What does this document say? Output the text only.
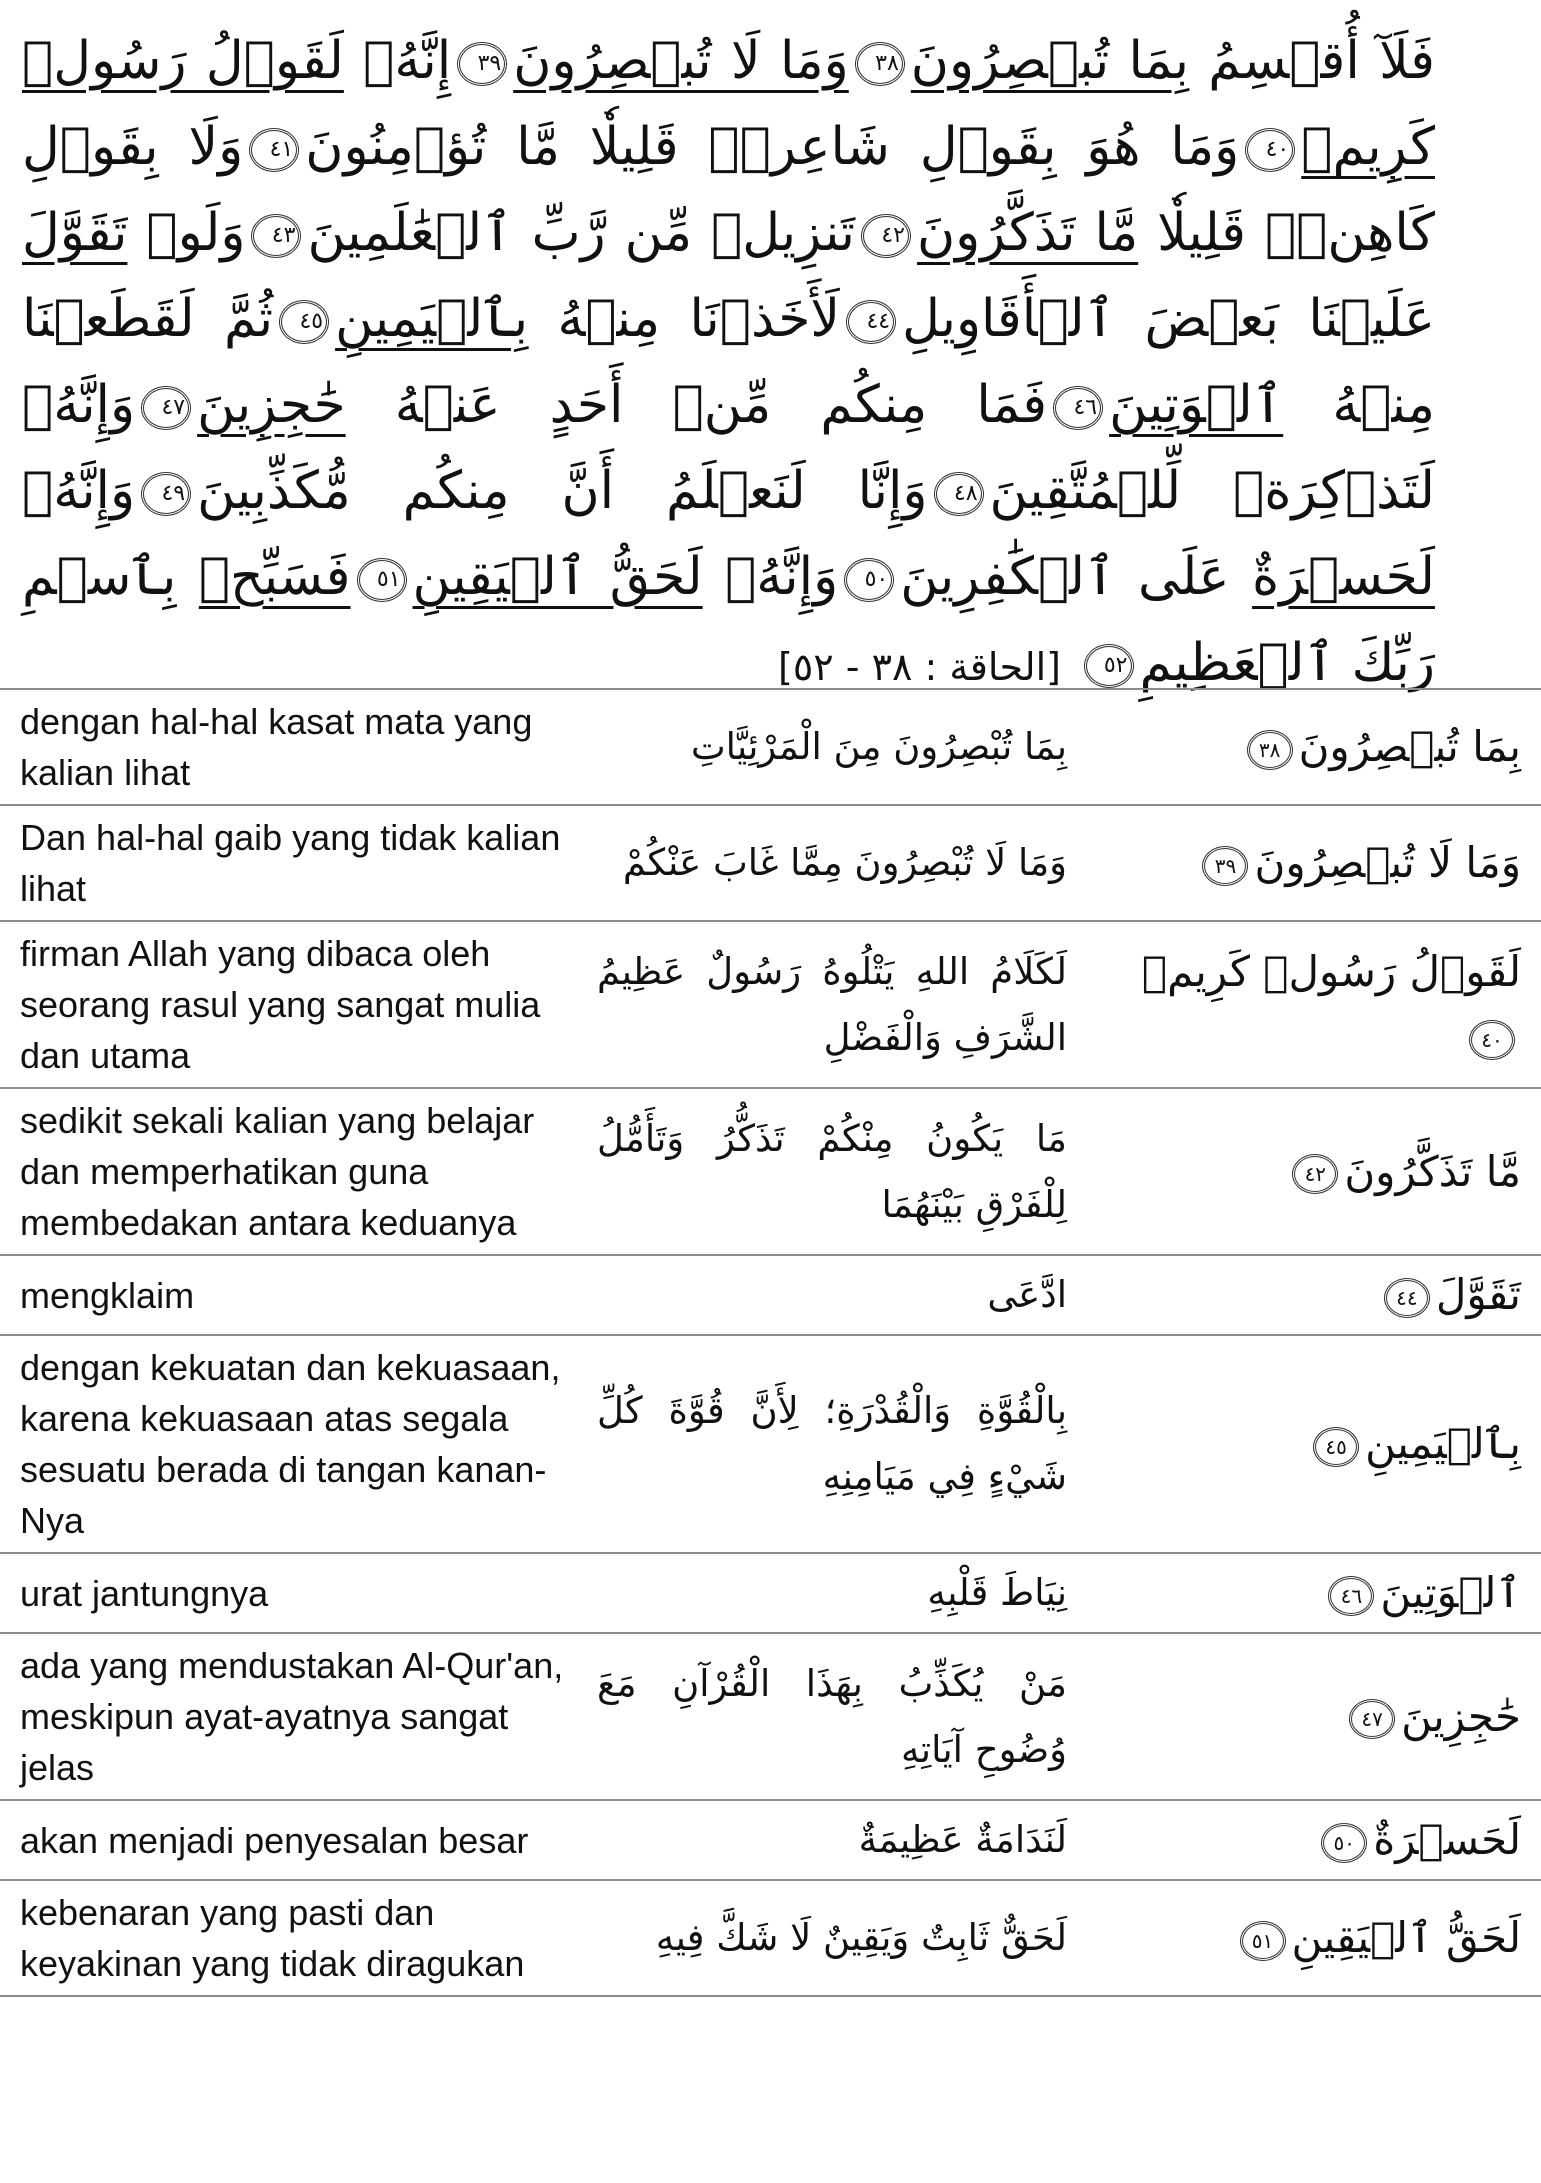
فَلَآ أُقۡسِمُ بِمَا تُبۡصِرُونَ٣٨وَمَا لَا تُبۡصِرُونَ٣٩إِنَّهُۥ لَقَوۡلُ رَسُولٖ كَرِيمٖ٤٠وَمَا هُوَ بِقَوۡلِ شَاعِرٖۚ قَلِيلٗا مَّا تُؤۡمِنُونَ٤١وَلَا بِقَوۡلِ كَاهِنٖۚ قَلِيلٗا مَّا تَذَكَّرُونَ٤٢تَنزِيلٞ مِّن رَّبِّ ٱلۡعَٰلَمِينَ٤٣وَلَوۡ تَقَوَّلَ عَلَيۡنَا بَعۡضَ ٱلۡأَقَاوِيلِ٤٤لَأَخَذۡنَا مِنۡهُ بِٱلۡيَمِينِ٤٥ثُمَّ لَقَطَعۡنَا مِنۡهُ ٱلۡوَتِينَ٤٦فَمَا مِنكُم مِّنۡ أَحَدٍ عَنۡهُ حَٰجِزِينَ٤٧وَإِنَّهُۥ لَتَذۡكِرَةٞ لِّلۡمُتَّقِينَ٤٨وَإِنَّا لَنَعۡلَمُ أَنَّ مِنكُم مُّكَذِّبِينَ٤٩وَإِنَّهُۥ لَحَسۡرَةٌ عَلَى ٱلۡكَٰفِرِينَ٥٠وَإِنَّهُۥ لَحَقُّ ٱلۡيَقِينِ٥١فَسَبِّحۡ بِٱسۡمِ رَبِّكَ ٱلۡعَظِيمِ٥٢ [الحاقة : ٣٨ - ٥٢]
dengan hal-hal kasat mata yang kalian lihat	بِمَا تُبْصِرُونَ مِنَ الْمَرْئِيَّاتِ	بِمَا تُبۡصِرُونَ٣٨
Dan hal-hal gaib yang tidak kalian lihat	وَمَا لَا تُبْصِرُونَ مِمَّا غَابَ عَنْكُمْ	وَمَا لَا تُبۡصِرُونَ٣٩
firman Allah yang dibaca oleh seorang rasul yang sangat mulia dan utama	لَكَلَامُ اللهِ يَتْلُوهُ رَسُولٌ عَظِيمُ الشَّرَفِ وَالْفَضْلِ	لَقَوۡلُ رَسُولٖ كَرِيمٖ٤٠
sedikit sekali kalian yang belajar dan memperhatikan guna membedakan antara keduanya	مَا يَكُونُ مِنْكُمْ تَذَكُّرُ وَتَأَمُّلُ لِلْفَرْقِ بَيْنَهُمَا	مَّا تَذَكَّرُونَ٤٢
mengklaim	ادَّعَى	تَقَوَّلَ٤٤
dengan kekuatan dan kekuasaan, karena kekuasaan atas segala sesuatu berada di tangan kanan-Nya	بِالْقُوَّةِ وَالْقُدْرَةِ؛ لِأَنَّ قُوَّةَ كُلِّ شَيْءٍ فِي مَيَامِنِهِ	بِٱلۡيَمِينِ٤٥
urat jantungnya	نِيَاطَ قَلْبِهِ	ٱلۡوَتِينَ٤٦
ada yang mendustakan Al-Qur'an, meskipun ayat-ayatnya sangat jelas	مَنْ يُكَذِّبُ بِهَذَا الْقُرْآنِ مَعَ وُضُوحِ آيَاتِهِ	حَٰجِزِينَ٤٧
akan menjadi penyesalan besar	لَنَدَامَةٌ عَظِيمَةٌ	لَحَسۡرَةٌ٥٠
kebenaran yang pasti dan keyakinan yang tidak diragukan	لَحَقٌّ ثَابِتٌ وَيَقِينٌ لَا شَكَّ فِيهِ	لَحَقُّ ٱلۡيَقِينِ٥١
